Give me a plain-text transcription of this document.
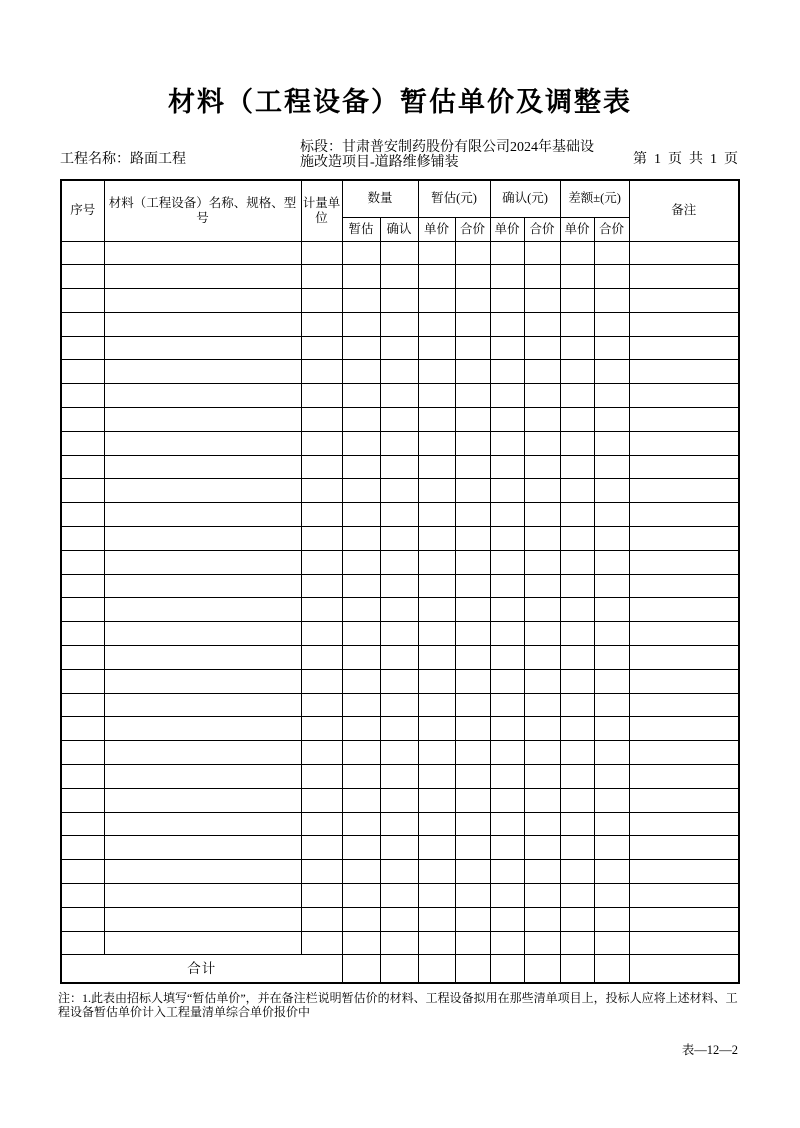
材料（工程设备）暂估单价及调整表
工程名称：路面工程
标段：甘肃普安制药股份有限公司2024年基础设施改造项目-道路维修铺装	第  1  页  共  1  页
序号	材料（工程设备）名称、规格、型号	计量单位	数量		暂估(元)		确认(元)		差额±(元)		备注
			暂估	确认	单价	合价	单价	合价	单价	合价	

合计											

注：1.此表由招标人填写“暂估单价”，并在备注栏说明暂估价的材料、工程设备拟用在那些清单项目上，投标人应将上述材料、工程设备暂估单价计入工程量清单综合单价报价中

表—12—2
